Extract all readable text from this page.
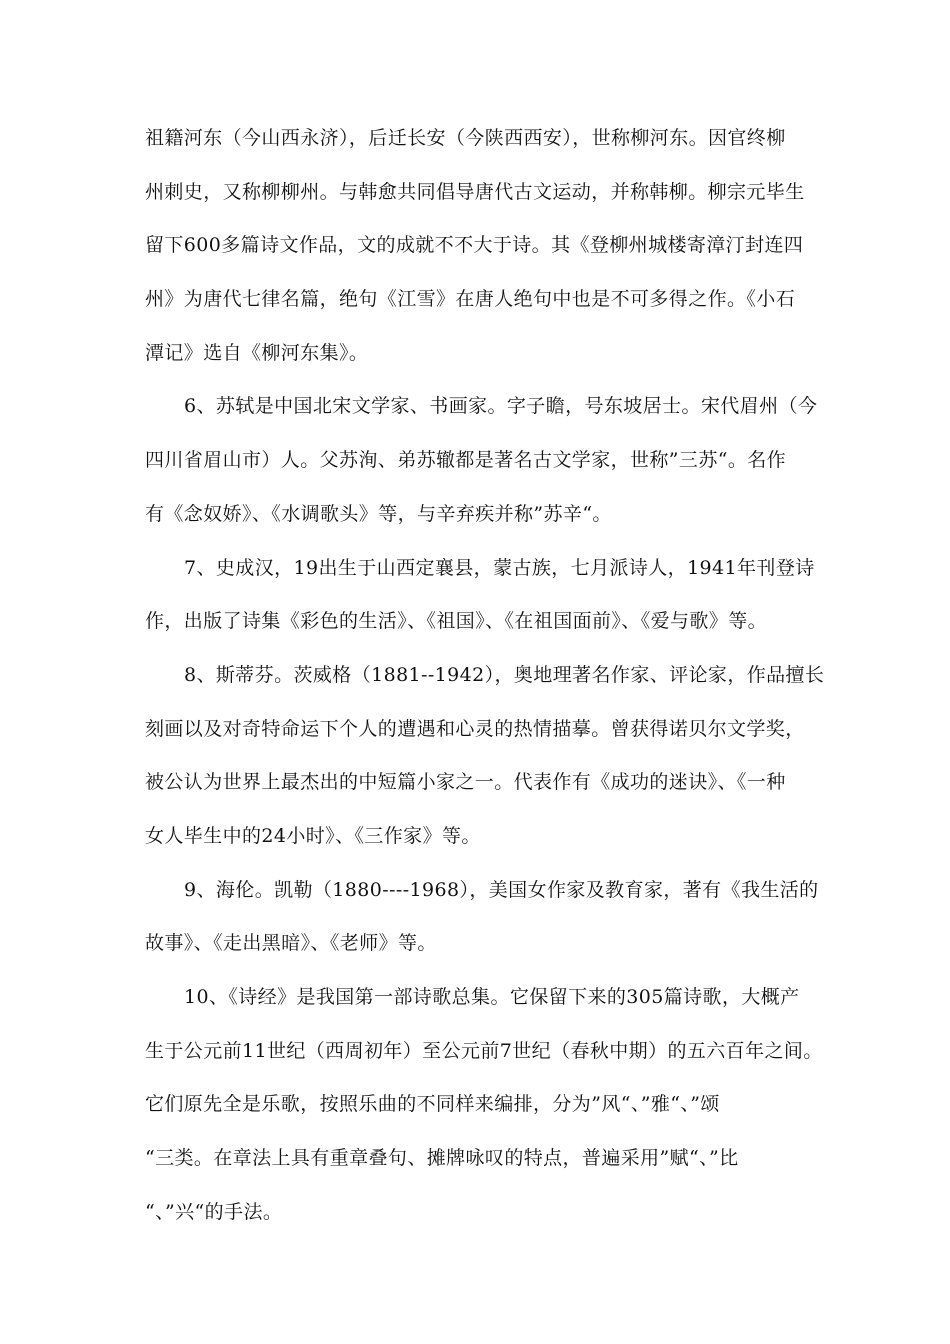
祖籍河东（今山西永济），后迁长安（今陕西西安），世称柳河东。因官终柳
州刺史，又称柳柳州。与韩愈共同倡导唐代古文运动，并称韩柳。柳宗元毕生
留下600多篇诗文作品，文的成就不不大于诗。其《登柳州城楼寄漳汀封连四
州》为唐代七律名篇，绝句《江雪》在唐人绝句中也是不可多得之作。《小石
潭记》选自《柳河东集》。
6、苏轼是中国北宋文学家、书画家。字子瞻，号东坡居士。宋代眉州（今
四川省眉山市）人。父苏洵、弟苏辙都是著名古文学家，世称”三苏“。名作
有《念奴娇》、《水调歌头》等，与辛弃疾并称”苏辛“。
7、史成汉，19出生于山西定襄县，蒙古族，七月派诗人，1941年刊登诗
作，出版了诗集《彩色的生活》、《祖国》、《在祖国面前》、《爱与歌》等。
8、斯蒂芬。茨威格（1881--1942），奥地理著名作家、评论家，作品擅长
刻画以及对奇特命运下个人的遭遇和心灵的热情描摹。曾获得诺贝尔文学奖，
被公认为世界上最杰出的中短篇小家之一。代表作有《成功的迷诀》、《一种
女人毕生中的24小时》、《三作家》等。
9、海伦。凯勒（1880----1968），美国女作家及教育家，著有《我生活的
故事》、《走出黑暗》、《老师》等。
10、《诗经》是我国第一部诗歌总集。它保留下来的305篇诗歌，大概产
生于公元前11世纪（西周初年）至公元前7世纪（春秋中期）的五六百年之间。
它们原先全是乐歌，按照乐曲的不同样来编排，分为”风“、”雅“、”颂
“三类。在章法上具有重章叠句、摊牌咏叹的特点，普遍采用”赋“、”比
“、”兴“的手法。
